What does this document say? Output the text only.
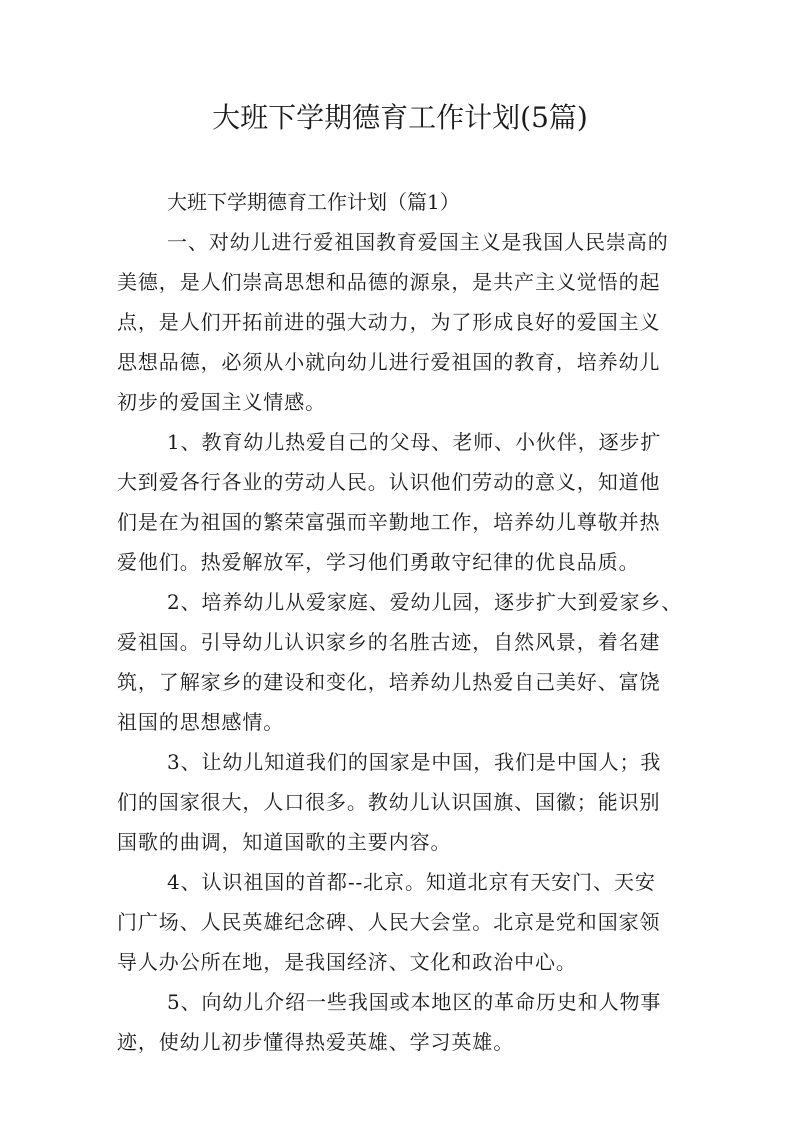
大班下学期德育工作计划(5篇)

大班下学期德育工作计划（篇1）

一、对幼儿进行爱祖国教育爱国主义是我国人民崇高的
美德，是人们崇高思想和品德的源泉，是共产主义觉悟的起
点，是人们开拓前进的强大动力，为了形成良好的爱国主义
思想品德，必须从小就向幼儿进行爱祖国的教育，培养幼儿
初步的爱国主义情感。

1、教育幼儿热爱自己的父母、老师、小伙伴，逐步扩
大到爱各行各业的劳动人民。认识他们劳动的意义，知道他
们是在为祖国的繁荣富强而辛勤地工作，培养幼儿尊敬并热
爱他们。热爱解放军，学习他们勇敢守纪律的优良品质。

2、培养幼儿从爱家庭、爱幼儿园，逐步扩大到爱家乡、
爱祖国。引导幼儿认识家乡的名胜古迹，自然风景，着名建
筑，了解家乡的建设和变化，培养幼儿热爱自己美好、富饶
祖国的思想感情。

3、让幼儿知道我们的国家是中国，我们是中国人；我
们的国家很大，人口很多。教幼儿认识国旗、国徽；能识别
国歌的曲调，知道国歌的主要内容。

4、认识祖国的首都--北京。知道北京有天安门、天安
门广场、人民英雄纪念碑、人民大会堂。北京是党和国家领
导人办公所在地，是我国经济、文化和政治中心。

5、向幼儿介绍一些我国或本地区的革命历史和人物事
迹，使幼儿初步懂得热爱英雄、学习英雄。
